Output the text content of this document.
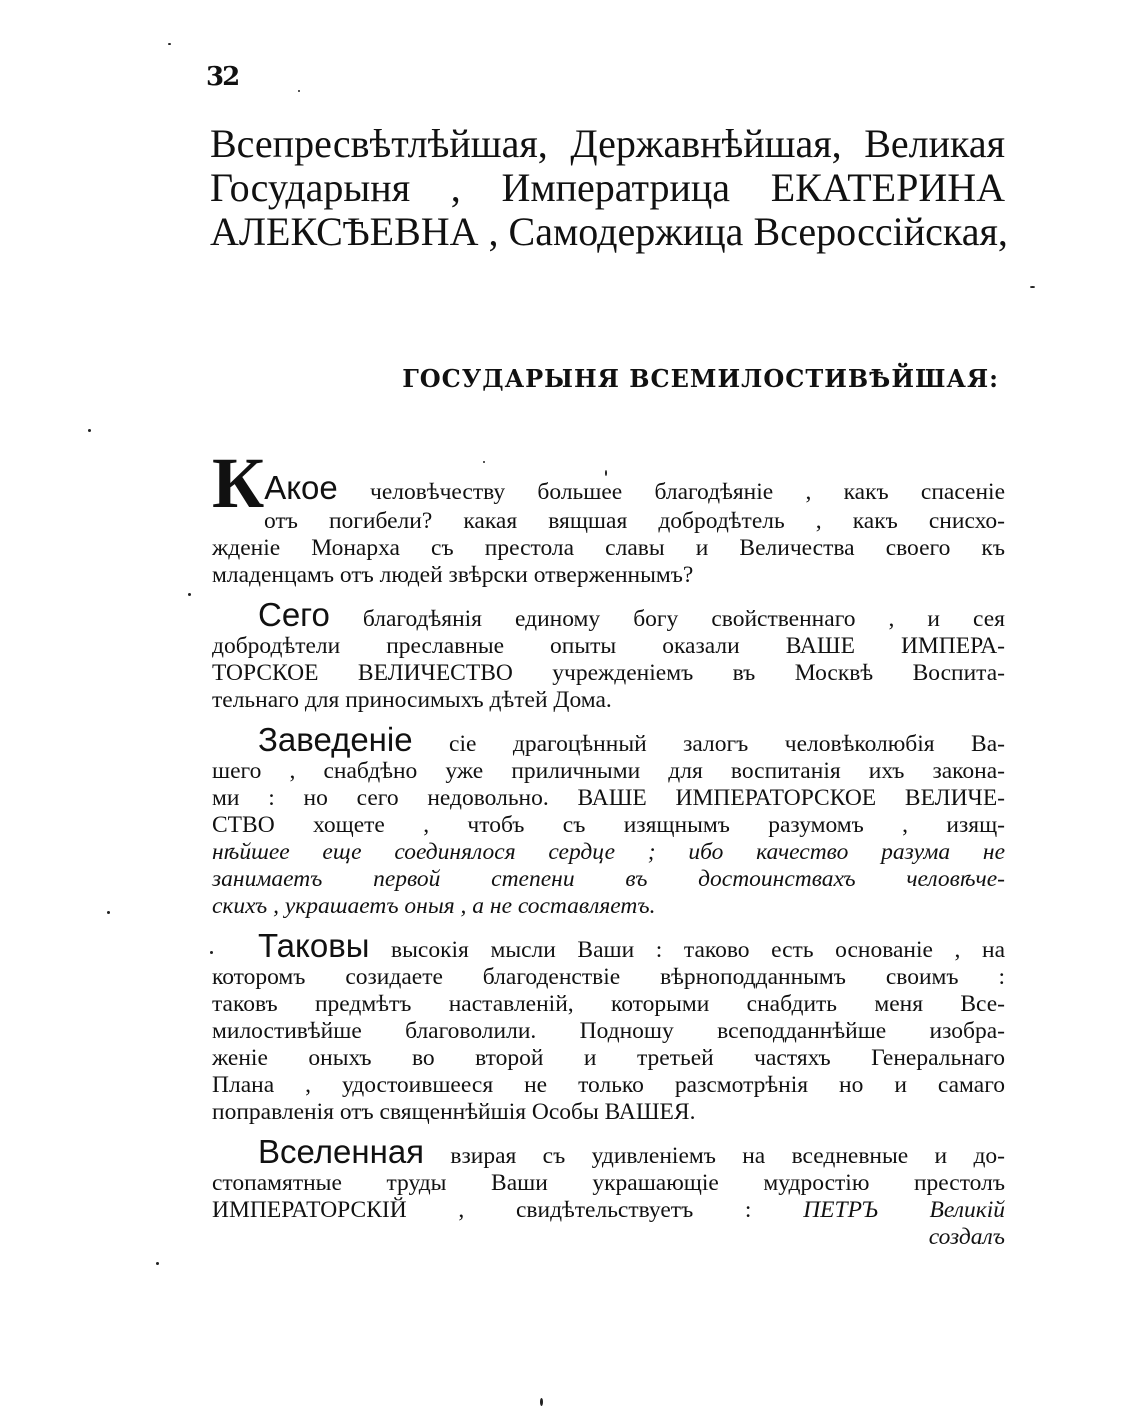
32
Всепресвѣтлѣйшая, Державнѣйшая, Великая
Государыня , Императрица ЕКАТЕРИНА
АЛЕКСѢЕВНА , Самодержица Всероссійская,
ГОСУДАРЫНЯ ВСЕМИЛОСТИВѢЙШАЯ:
КАкое человѣчеству большее благодѣяніе , какъ спасеніе
отъ погибели? какая вящшая добродѣтель , какъ снисхо-
жденіе Монарха съ престола славы и Величества своего къ
младенцамъ отъ людей звѣрски отверженнымъ?
Сего благодѣянія единому богу свойственнаго , и сея
добродѣтели преславные опыты оказали ВАШЕ ИМПЕРА-
ТОРСКОЕ ВЕЛИЧЕСТВО учрежденіемъ въ Москвѣ Воспита-
тельнаго для приносимыхъ дѣтей Дома.
Заведеніе сіе драгоцѣнный залогъ человѣколюбія Ва-
шего , снабдѣно уже приличными для воспитанія ихъ закона-
ми : но сего недовольно. ВАШЕ ИМПЕРАТОРСКОЕ ВЕЛИЧЕ-
СТВО хощете , чтобъ съ изящнымъ разумомъ , изящ-
нѣйшее еще соединялося сердце ; ибо качество разума не
занимаетъ первой степени въ достоинствахъ человѣче-
скихъ , украшаетъ оныя , а не составляетъ.
Таковы высокія мысли Ваши : таково есть основаніе , на
которомъ созидаете благоденствіе вѣрноподданнымъ своимъ :
таковъ предмѣтъ наставленій, которыми снабдить меня Все-
милостивѣйше благоволили. Подношу всеподданнѣйше изобра-
женіе оныхъ во второй и третьей частяхъ Генеральнаго
Плана , удостоившееся не только разсмотрѣнія но и самаго
поправленія отъ священнѣйшія Особы ВАШЕЯ.
Вселенная взирая съ удивленіемъ на вседневные и до-
стопамятные труды Ваши украшающіе мудростію престолъ
ИМПЕРАТОРСКІЙ , свидѣтельствуетъ : ПЕТРЪ Великій
создалъ
